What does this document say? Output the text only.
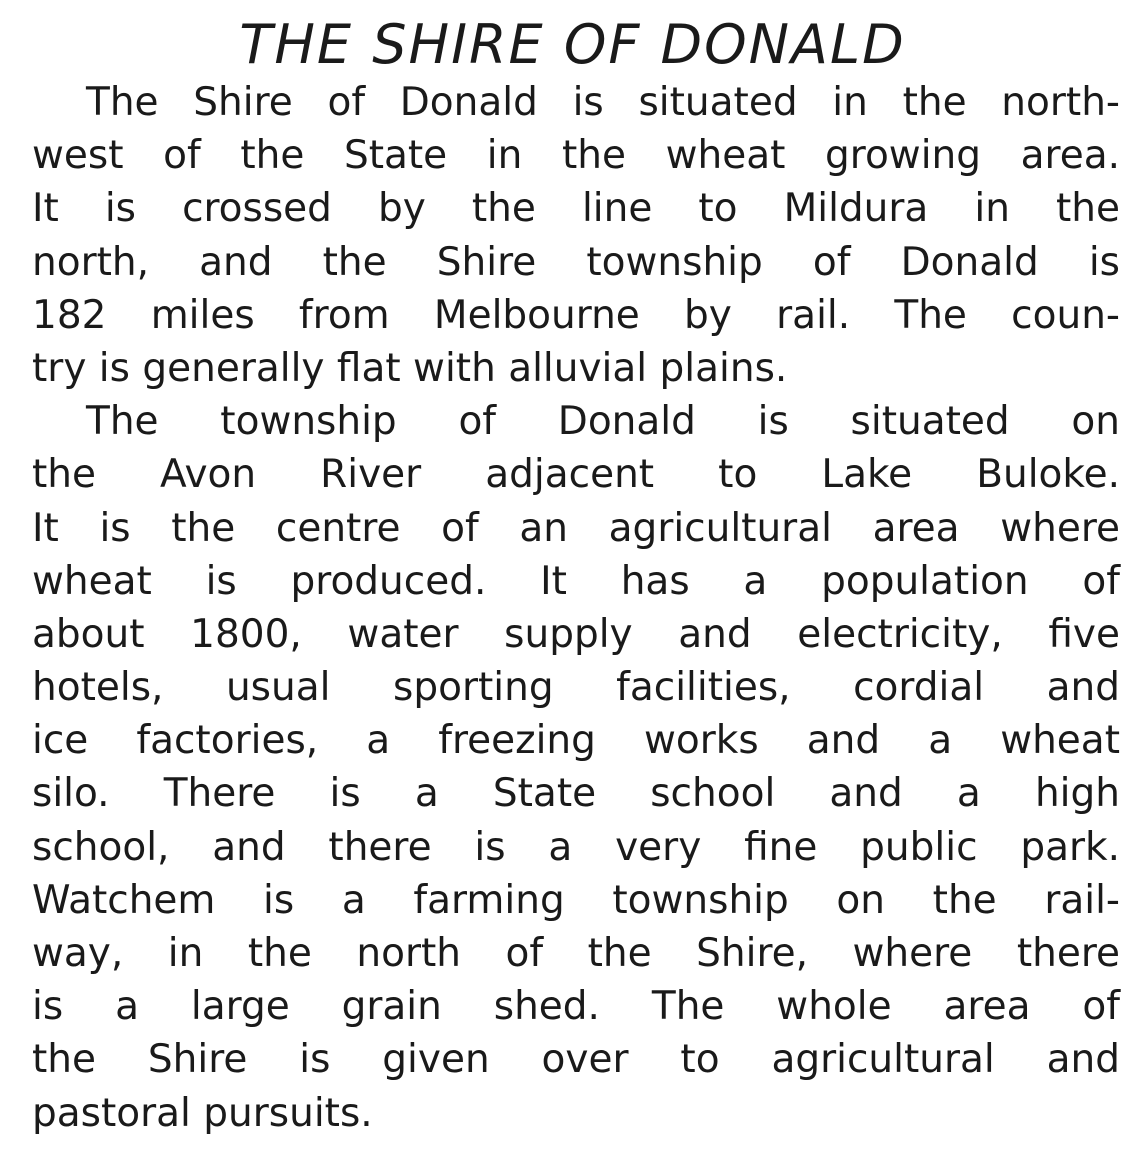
THE SHIRE OF DONALD
The Shire of Donald is situated in the north-
west of the State in the wheat growing area.
It is crossed by the line to Mildura in the
north, and the Shire township of Donald is
182 miles from Melbourne by rail. The coun-
try is generally flat with alluvial plains.
The township of Donald is situated on
the Avon River adjacent to Lake Buloke.
It is the centre of an agricultural area where
wheat is produced. It has a population of
about 1800, water supply and electricity, five
hotels, usual sporting facilities, cordial and
ice factories, a freezing works and a wheat
silo. There is a State school and a high
school, and there is a very fine public park.
Watchem is a farming township on the rail-
way, in the north of the Shire, where there
is a large grain shed. The whole area of
the Shire is given over to agricultural and
pastoral pursuits.
